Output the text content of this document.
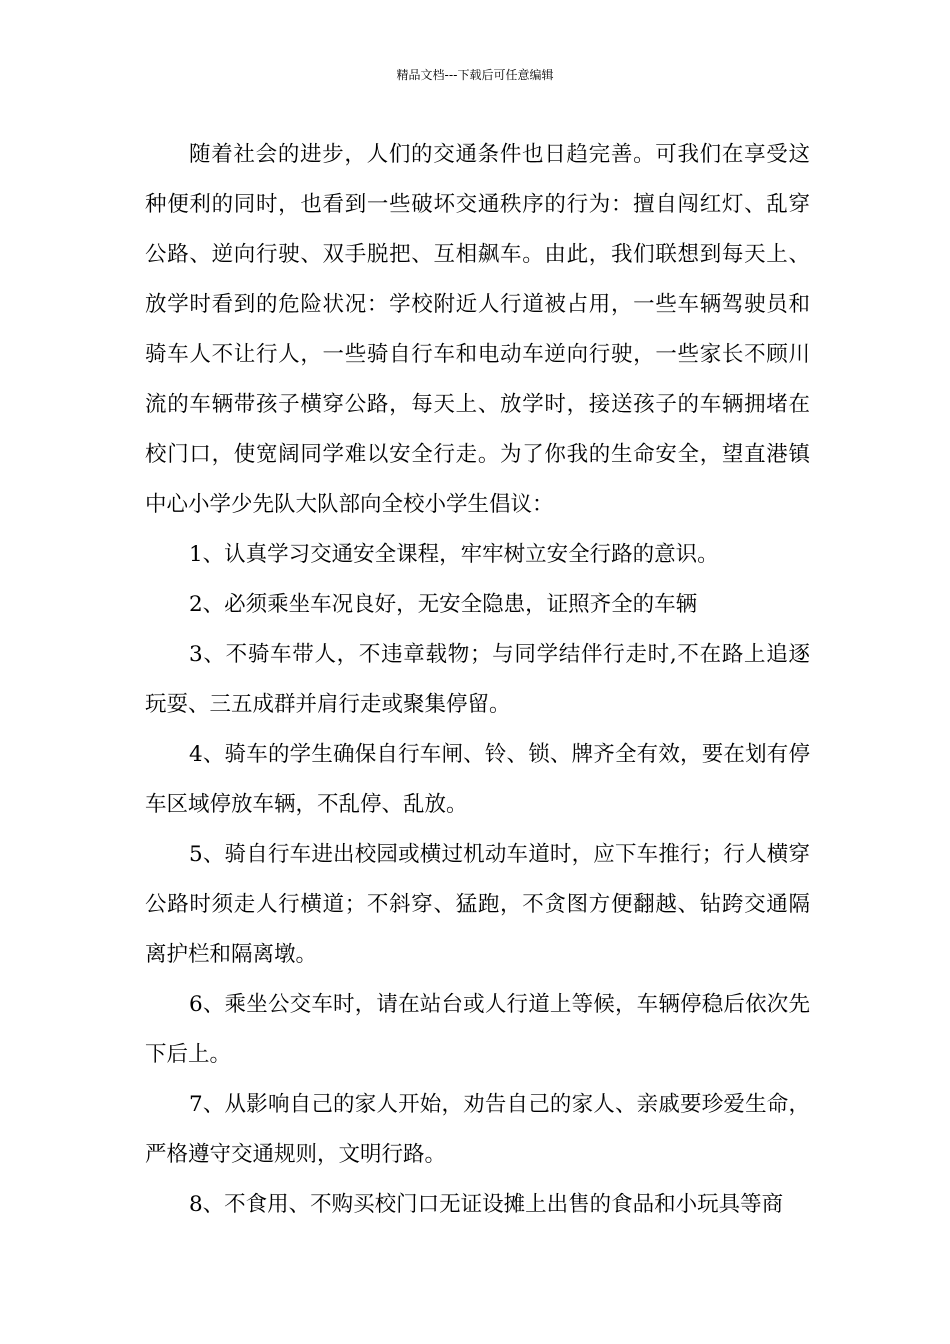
精品文档---下载后可任意编辑

随着社会的进步，人们的交通条件也日趋完善。可我们在享受这种便利的同时，也看到一些破坏交通秩序的行为：擅自闯红灯、乱穿公路、逆向行驶、双手脱把、互相飙车。由此，我们联想到每天上、放学时看到的危险状况：学校附近人行道被占用，一些车辆驾驶员和骑车人不让行人，一些骑自行车和电动车逆向行驶，一些家长不顾川流的车辆带孩子横穿公路，每天上、放学时，接送孩子的车辆拥堵在校门口，使宽阔同学难以安全行走。为了你我的生命安全，望直港镇中心小学少先队大队部向全校小学生倡议：

1、认真学习交通安全课程，牢牢树立安全行路的意识。

2、必须乘坐车况良好，无安全隐患，证照齐全的车辆

3、不骑车带人，不违章载物；与同学结伴行走时,不在路上追逐玩耍、三五成群并肩行走或聚集停留。

4、骑车的学生确保自行车闸、铃、锁、牌齐全有效，要在划有停车区域停放车辆，不乱停、乱放。

5、骑自行车进出校园或横过机动车道时，应下车推行；行人横穿公路时须走人行横道；不斜穿、猛跑，不贪图方便翻越、钻跨交通隔离护栏和隔离墩。

6、乘坐公交车时，请在站台或人行道上等候，车辆停稳后依次先下后上。

7、从影响自己的家人开始，劝告自己的家人、亲戚要珍爱生命，严格遵守交通规则，文明行路。

8、不食用、不购买校门口无证设摊上出售的食品和小玩具等商
